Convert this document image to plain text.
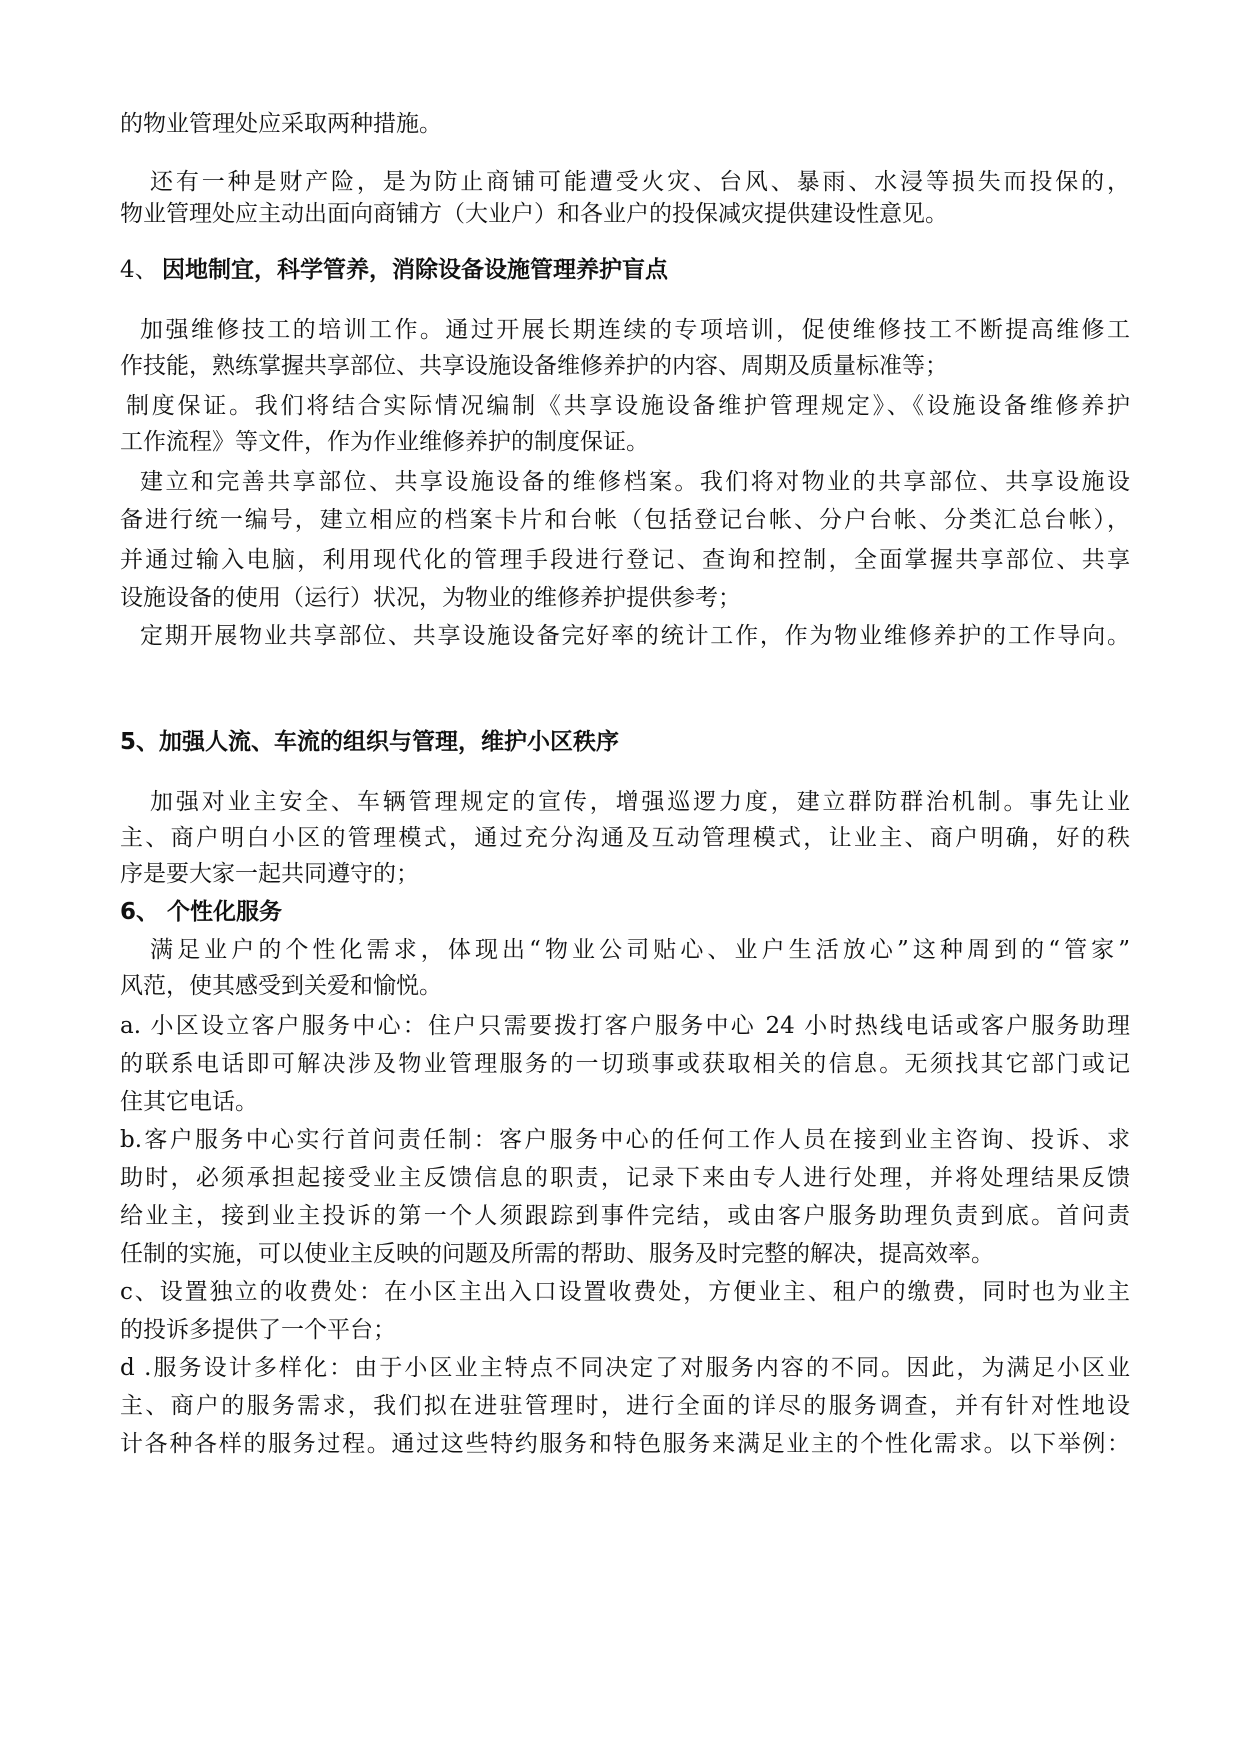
的物业管理处应采取两种措施。

还有一种是财产险，是为防止商铺可能遭受火灾、台风、暴雨、水浸等损失而投保的，

物业管理处应主动出面向商铺方（大业户）和各业户的投保减灾提供建设性意见。

4、 因地制宜，科学管养，消除设备设施管理养护盲点

加强维修技工的培训工作。通过开展长期连续的专项培训，促使维修技工不断提高维修工

作技能，熟练掌握共享部位、共享设施设备维修养护的内容、周期及质量标准等；

制度保证。我们将结合实际情况编制《共享设施设备维护管理规定》、《设施设备维修养护

工作流程》等文件，作为作业维修养护的制度保证。

建立和完善共享部位、共享设施设备的维修档案。我们将对物业的共享部位、共享设施设

备进行统一编号，建立相应的档案卡片和台帐（包括登记台帐、分户台帐、分类汇总台帐），

并通过输入电脑，利用现代化的管理手段进行登记、查询和控制，全面掌握共享部位、共享

设施设备的使用（运行）状况，为物业的维修养护提供参考；

定期开展物业共享部位、共享设施设备完好率的统计工作，作为物业维修养护的工作导向。

5、加强人流、车流的组织与管理，维护小区秩序

加强对业主安全、车辆管理规定的宣传，增强巡逻力度，建立群防群治机制。事先让业

主、商户明白小区的管理模式，通过充分沟通及互动管理模式，让业主、商户明确，好的秩

序是要大家一起共同遵守的；

6、 个性化服务

满足业户的个性化需求，体现出“物业公司贴心、业户生活放心”这种周到的“管家”

风范，使其感受到关爱和愉悦。

a. 小区设立客户服务中心：住户只需要拨打客户服务中心 24 小时热线电话或客户服务助理

的联系电话即可解决涉及物业管理服务的一切琐事或获取相关的信息。无须找其它部门或记

住其它电话。

b.客户服务中心实行首问责任制：客户服务中心的任何工作人员在接到业主咨询、投诉、求

助时，必须承担起接受业主反馈信息的职责，记录下来由专人进行处理，并将处理结果反馈

给业主，接到业主投诉的第一个人须跟踪到事件完结，或由客户服务助理负责到底。首问责

任制的实施，可以使业主反映的问题及所需的帮助、服务及时完整的解决，提高效率。

c、设置独立的收费处：在小区主出入口设置收费处，方便业主、租户的缴费，同时也为业主

的投诉多提供了一个平台；

d .服务设计多样化：由于小区业主特点不同决定了对服务内容的不同。因此，为满足小区业

主、商户的服务需求，我们拟在进驻管理时，进行全面的详尽的服务调查，并有针对性地设

计各种各样的服务过程。通过这些特约服务和特色服务来满足业主的个性化需求。以下举例：
